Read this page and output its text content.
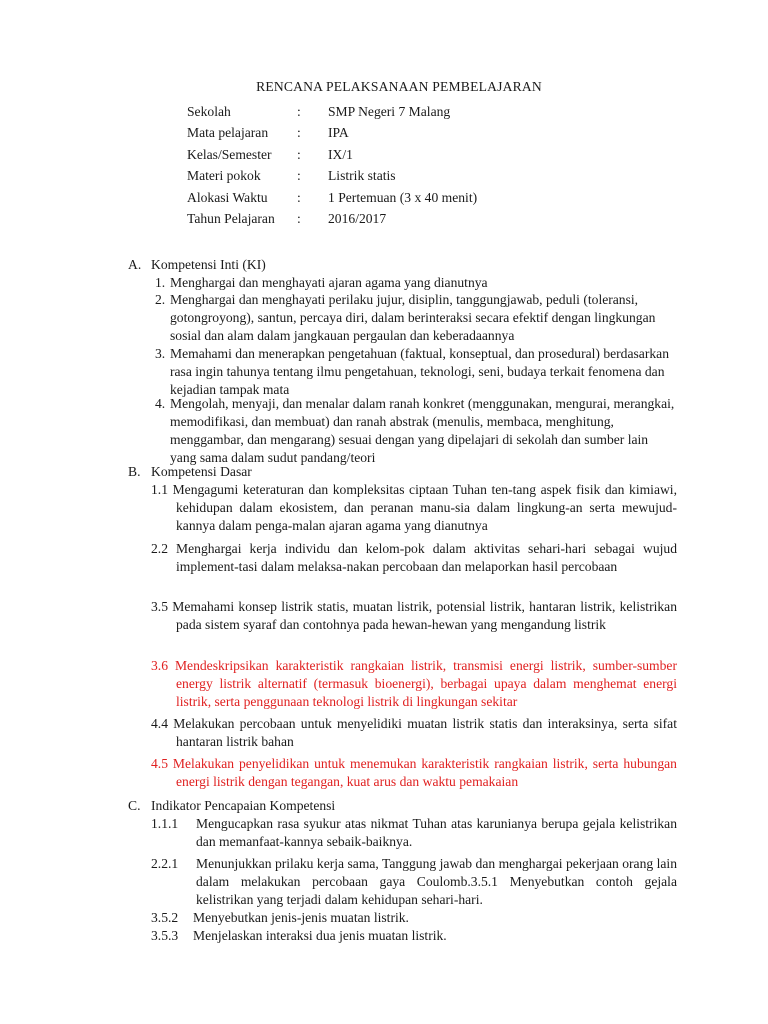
RENCANA PELAKSANAAN PEMBELAJARAN
Sekolah	: SMP Negeri 7 Malang
Mata pelajaran : IPA
Kelas/Semester : IX/1
Materi pokok	: Listrik statis
Alokasi Waktu : 1 Pertemuan (3 x 40 menit)
Tahun Pelajaran : 2016/2017
A. Kompetensi Inti (KI)
1. Menghargai dan menghayati ajaran agama yang dianutnya
2. Menghargai dan menghayati perilaku jujur, disiplin, tanggungjawab, peduli (toleransi, gotongroyong), santun, percaya diri, dalam berinteraksi secara efektif dengan lingkungan sosial dan alam dalam jangkauan pergaulan dan keberadaannya
3. Memahami dan menerapkan pengetahuan (faktual, konseptual, dan prosedural) berdasarkan rasa ingin tahunya tentang ilmu pengetahuan, teknologi, seni, budaya terkait fenomena dan kejadian tampak mata
4. Mengolah, menyaji, dan menalar dalam ranah konkret (menggunakan, mengurai, merangkai, memodifikasi, dan membuat) dan ranah abstrak (menulis, membaca, menghitung, menggambar, dan mengarang) sesuai dengan yang dipelajari di sekolah dan sumber lain yang sama dalam sudut pandang/teori
B. Kompetensi Dasar

1.1 Mengagumi keteraturan dan kompleksitas ciptaan Tuhan ten-tang aspek fisik dan kimiawi, kehidupan dalam ekosistem, dan peranan manu-sia dalam lingkung-an serta mewujud-kannya dalam penga-malan ajaran agama yang dianutnya

2.2 Menghargai kerja individu dan kelom-pok dalam aktivitas sehari-hari sebagai wujud implement-tasi dalam melaksa-nakan percobaan dan melaporkan hasil percobaan

3.5 Memahami konsep listrik statis, muatan listrik, potensial listrik, hantaran listrik, kelistrikan pada sistem syaraf dan contohnya pada hewan-hewan yang mengandung listrik

3.6 Mendeskripsikan karakteristik rangkaian listrik, transmisi energi listrik, sumber-sumber energy listrik alternatif (termasuk bioenergi), berbagai upaya dalam menghemat energi listrik, serta penggunaan teknologi listrik di lingkungan sekitar

4.4 Melakukan percobaan untuk menyelidiki muatan listrik statis dan interaksinya, serta sifat hantaran listrik bahan

4.5 Melakukan penyelidikan untuk menemukan karakteristik rangkaian listrik, serta hubungan energi listrik dengan tegangan, kuat arus dan waktu pemakaian

C. Indikator Pencapaian Kompetensi
1.1.1 Mengucapkan rasa syukur atas nikmat Tuhan atas karunianya berupa gejala kelistrikan dan memanfaat-kannya sebaik-baiknya.
2.2.1 Menunjukkan prilaku kerja sama, Tanggung jawab dan menghargai pekerjaan orang lain dalam melakukan percobaan gaya Coulomb.3.5.1 Menyebutkan contoh gejala kelistrikan yang terjadi dalam kehidupan sehari-hari.
3.5.2 Menyebutkan jenis-jenis muatan listrik.
3.5.3 Menjelaskan interaksi dua jenis muatan listrik.
